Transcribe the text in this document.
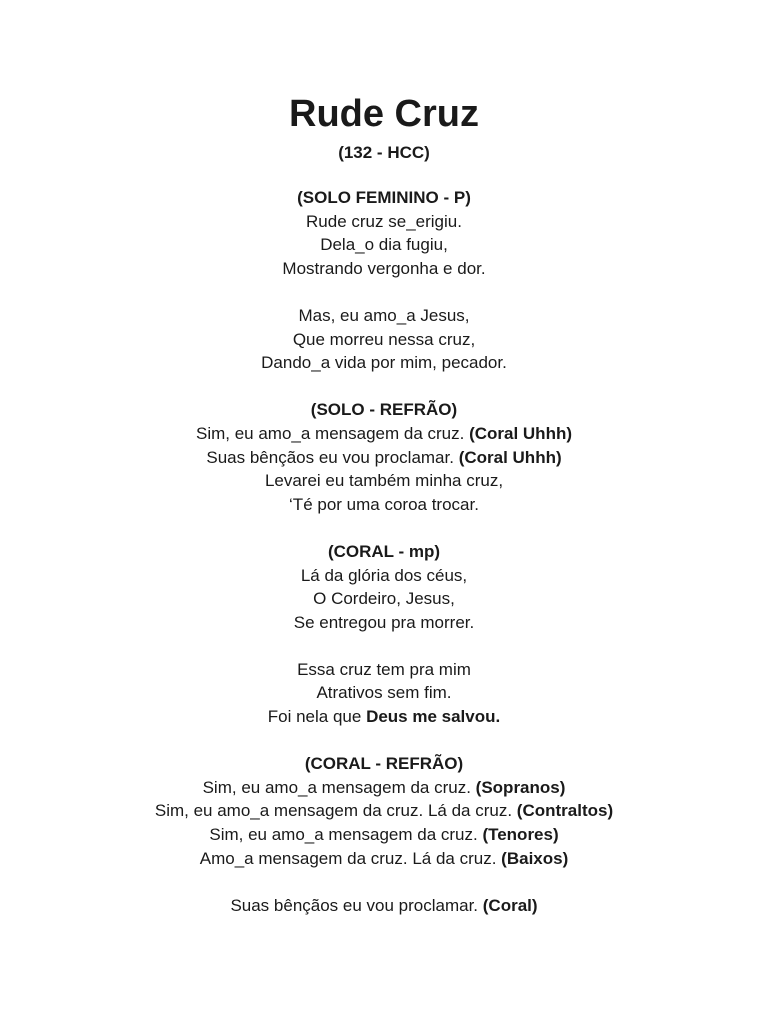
Rude Cruz
(132 - HCC)
(SOLO FEMININO - P)
Rude cruz se_erigiu.
Dela_o dia fugiu,
Mostrando vergonha e dor.
Mas, eu amo_a Jesus,
Que morreu nessa cruz,
Dando_a vida por mim, pecador.
(SOLO - REFRÃO)
Sim, eu amo_a mensagem da cruz. (Coral Uhhh)
Suas bênçãos eu vou proclamar. (Coral Uhhh)
Levarei eu também minha cruz,
‘Té por uma coroa trocar.
(CORAL - mp)
Lá da glória dos céus,
O Cordeiro, Jesus,
Se entregou pra morrer.
Essa cruz tem pra mim
Atrativos sem fim.
Foi nela que Deus me salvou.
(CORAL - REFRÃO)
Sim, eu amo_a mensagem da cruz. (Sopranos)
Sim, eu amo_a mensagem da cruz. Lá da cruz. (Contraltos)
Sim, eu amo_a mensagem da cruz. (Tenores)
Amo_a mensagem da cruz. Lá da cruz. (Baixos)
Suas bênçãos eu vou proclamar. (Coral)
